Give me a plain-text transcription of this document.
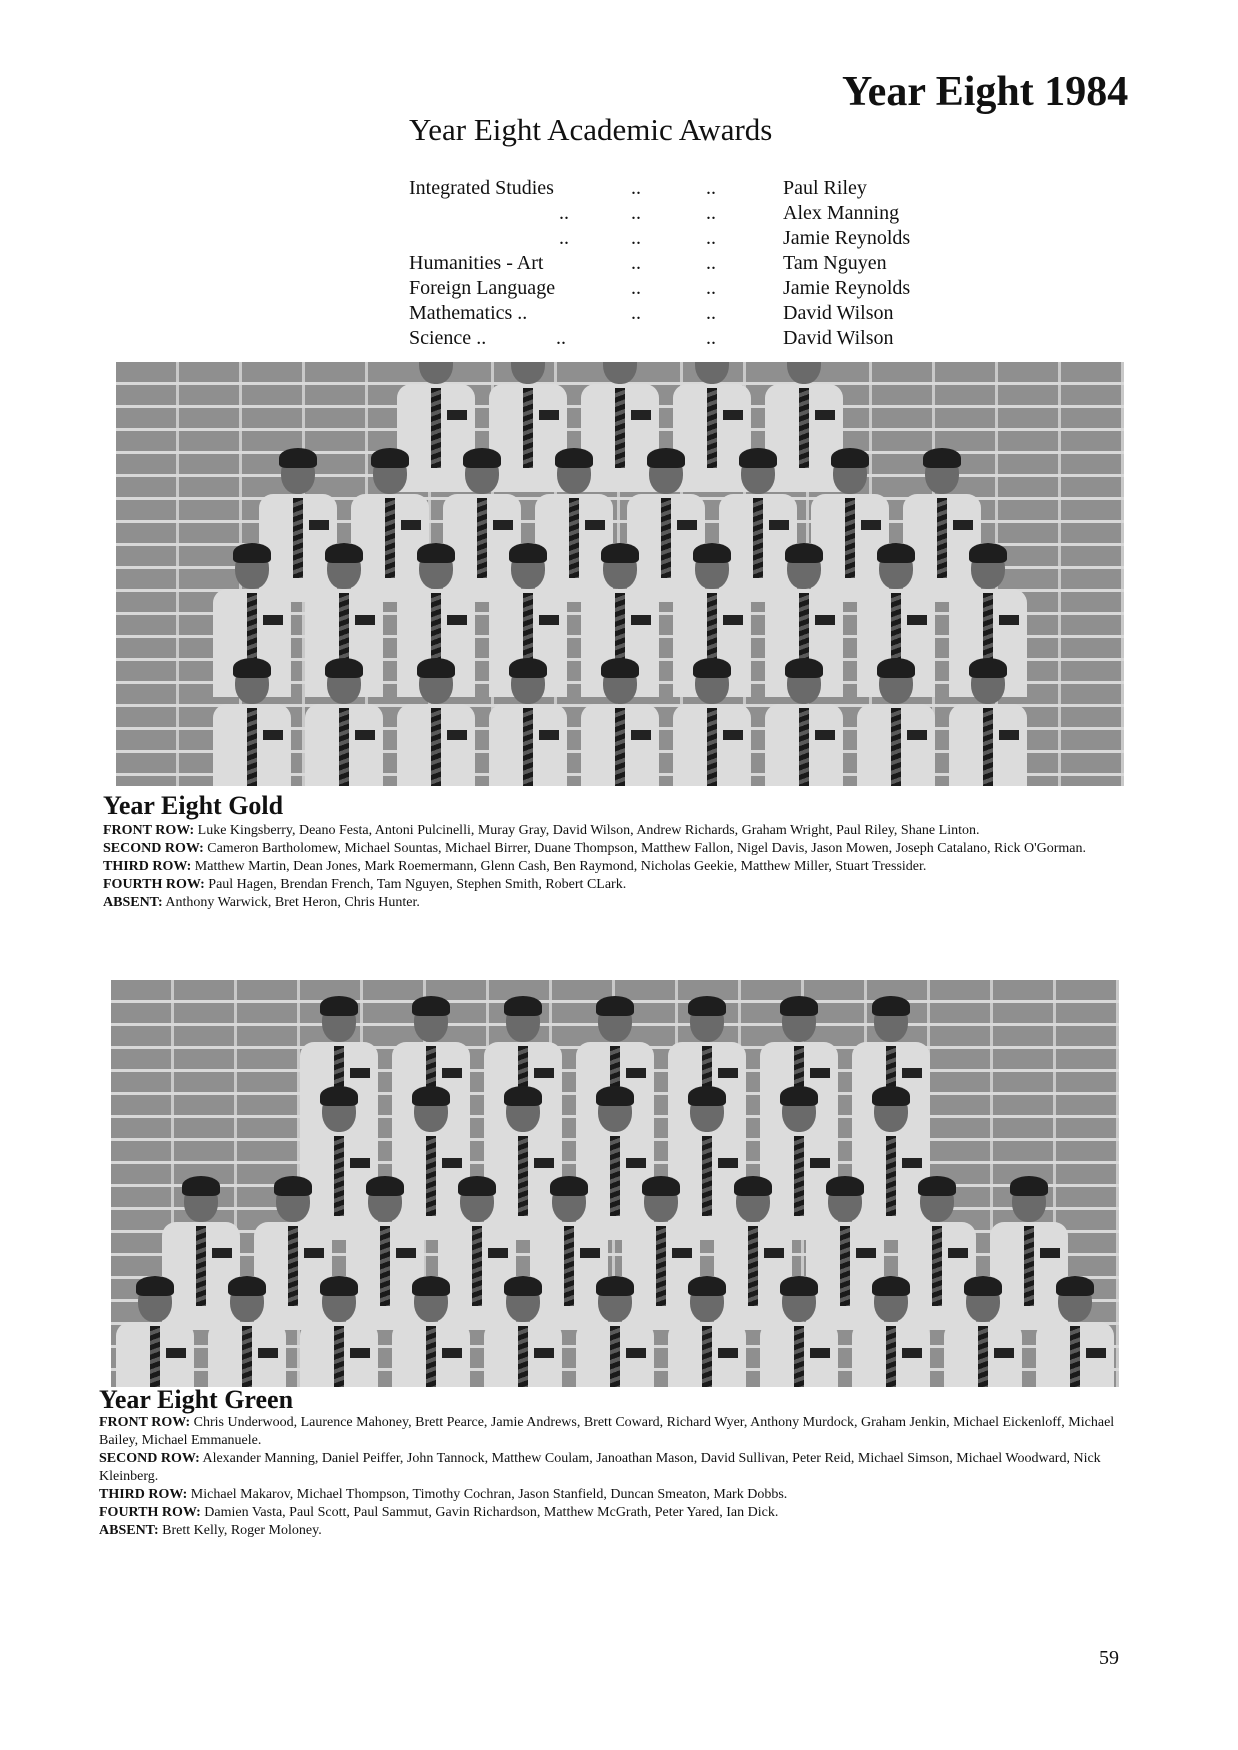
Year Eight 1984
Year Eight Academic Awards
Integrated Studies	..	..	Paul Riley
..	..	..	Alex Manning
..	..	..	Jamie Reynolds
Humanities - Art	..	..	Tam Nguyen
Foreign Language	..	..	Jamie Reynolds
Mathematics ..	..	..	David Wilson
Science ..	..	..	David Wilson
Year Eight Gold

FRONT ROW: Luke Kingsberry, Deano Festa, Antoni Pulcinelli, Muray Gray, David Wilson, Andrew Richards, Graham Wright, Paul Riley, Shane Linton.

SECOND ROW: Cameron Bartholomew, Michael Sountas, Michael Birrer, Duane Thompson, Matthew Fallon, Nigel Davis, Jason Mowen, Joseph Catalano, Rick O'Gorman.

THIRD ROW: Matthew Martin, Dean Jones, Mark Roemermann, Glenn Cash, Ben Raymond, Nicholas Geekie, Matthew Miller, Stuart Tressider.

FOURTH ROW: Paul Hagen, Brendan French, Tam Nguyen, Stephen Smith, Robert CLark.

ABSENT: Anthony Warwick, Bret Heron, Chris Hunter.

Year Eight Green

FRONT ROW: Chris Underwood, Laurence Mahoney, Brett Pearce, Jamie Andrews, Brett Coward, Richard Wyer, Anthony Murdock, Graham Jenkin, Michael Eickenloff, Michael Bailey, Michael Emmanuele.

SECOND ROW: Alexander Manning, Daniel Peiffer, John Tannock, Matthew Coulam, Janoathan Mason, David Sullivan, Peter Reid, Michael Simson, Michael Woodward, Nick Kleinberg.

THIRD ROW: Michael Makarov, Michael Thompson, Timothy Cochran, Jason Stanfield, Duncan Smeaton, Mark Dobbs.

FOURTH ROW: Damien Vasta, Paul Scott, Paul Sammut, Gavin Richardson, Matthew McGrath, Peter Yared, Ian Dick.

ABSENT: Brett Kelly, Roger Moloney.

59
